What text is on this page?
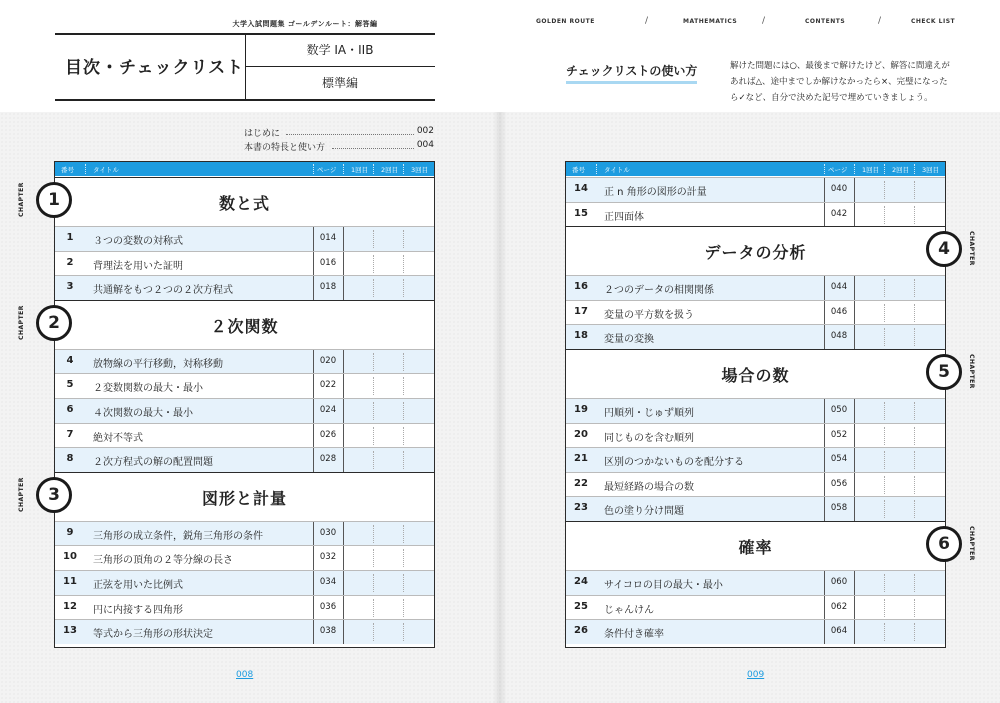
大学入試問題集 ゴールデンルート：解答編
目次・チェックリスト
数学 IA・IIB
標準編
はじめに	002
本書の特長と使い方	004
番号	タイトル	ページ 1回目 2回目 3回目
数と式
1	３つの変数の対称式	014
2	背理法を用いた証明	016
3	共通解をもつ２つの２次方程式	018
２次関数
4	放物線の平行移動，対称移動	020
5	２変数関数の最大・最小	022
6	４次関数の最大・最小	024
7	絶対不等式	026
8	２次方程式の解の配置問題	028
図形と計量
9	三角形の成立条件，鋭角三角形の条件	030
10	三角形の頂角の２等分線の長さ	032
11	正弦を用いた比例式	034
12	円に内接する四角形	036
13	等式から三角形の形状決定	038
1
CHAPTER
2
CHAPTER
3
CHAPTER
008
GOLDEN ROUTE	MATHEMATICS	CONTENTS	CHECK LIST
/	/	/
チェックリストの使い方	解けた問題には○、最後まで解けたけど、解答に間違えがあれば△、途中までしか解けなかったら×、完璧になったら✓など、自分で決めた記号で埋めていきましょう。
番号	タイトル	ページ 1回目 2回目 3回目
14	正 n 角形の図形の計量	040
15	正四面体	042
データの分析
16	２つのデータの相関関係	044
17	変量の平方数を扱う	046
18	変量の変換	048
場合の数
19	円順列・じゅず順列	050
20	同じものを含む順列	052
21	区別のつかないものを配分する	054
22	最短経路の場合の数	056
23	色の塗り分け問題	058
確率
24	サイコロの目の最大・最小	060
25	じゃんけん	062
26	条件付き確率	064
4	CHAPTER
5	CHAPTER
6	CHAPTER
009
